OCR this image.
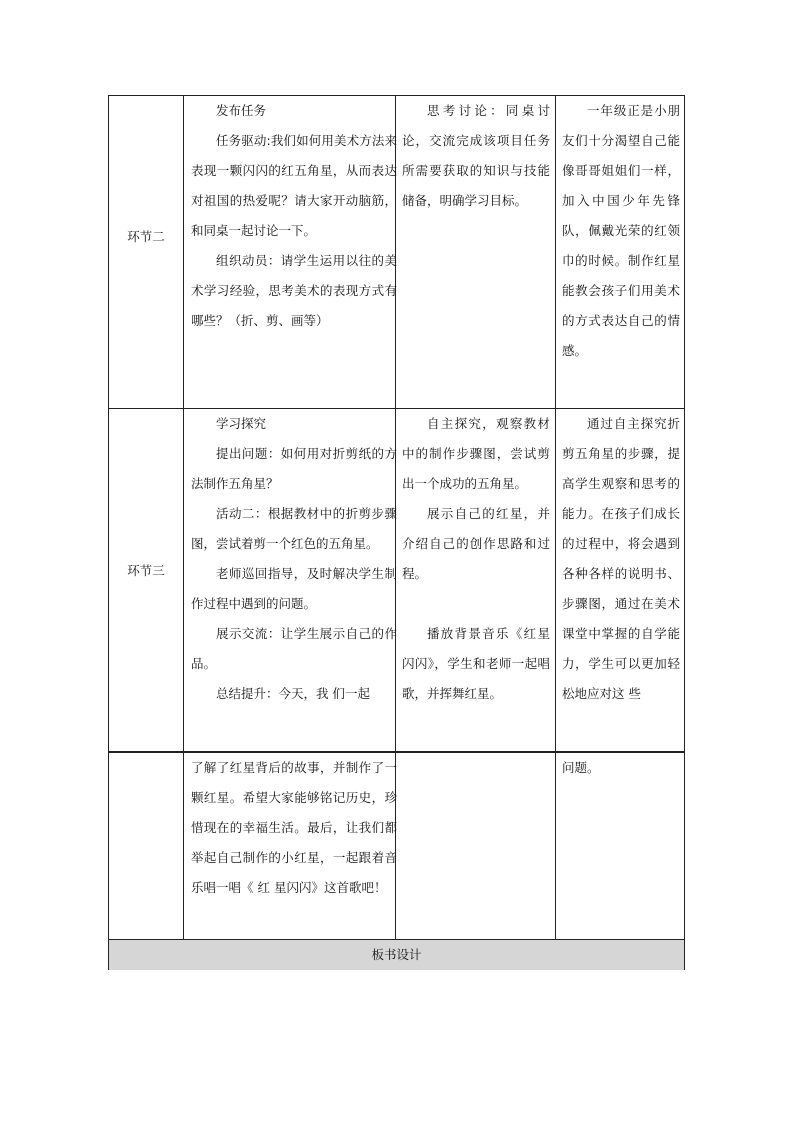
环节二

发布任务

任务驱动:我们如何用美术方法来表现一颗闪闪的红五角星，从而表达对祖国的热爱呢？请大家开动脑筋，和同桌一起讨论一下。

组织动员：请学生运用以往的美术学习经验，思考美术的表现方式有哪些？（折、剪、画等）

思考讨论：同桌讨论，交流完成该项目任务所需要获取的知识与技能储备，明确学习目标。

一年级正是小朋友们十分渴望自己能像哥哥姐姐们一样，加入中国少年先锋队，佩戴光荣的红领巾的时候。制作红星能教会孩子们用美术的方式表达自己的情感。

环节三

学习探究

提出问题：如何用对折剪纸的方法制作五角星？

活动二：根据教材中的折剪步骤图，尝试着剪一个红色的五角星。

老师巡回指导，及时解决学生制作过程中遇到的问题。

展示交流：让学生展示自己的作品。

总结提升：今天，我 们一起

自主探究，观察教材中的制作步骤图，尝试剪出一个成功的五角星。

展示自己的红星，并介绍自己的创作思路和过程。

播放背景音乐《红星闪闪》，学生和老师一起唱歌，并挥舞红星。

通过自主探究折剪五角星的步骤，提高学生观察和思考的能力。在孩子们成长的过程中，将会遇到各种各样的说明书、步骤图，通过在美术课堂中掌握的自学能力，学生可以更加轻松地应对这 些

了解了红星背后的故事，并制作了一颗红星。希望大家能够铭记历史，珍惜现在的幸福生活。最后，让我们都举起自己制作的小红星，一起跟着音乐唱一唱《 红 星闪闪》这首歌吧！

问题。

板书设计
